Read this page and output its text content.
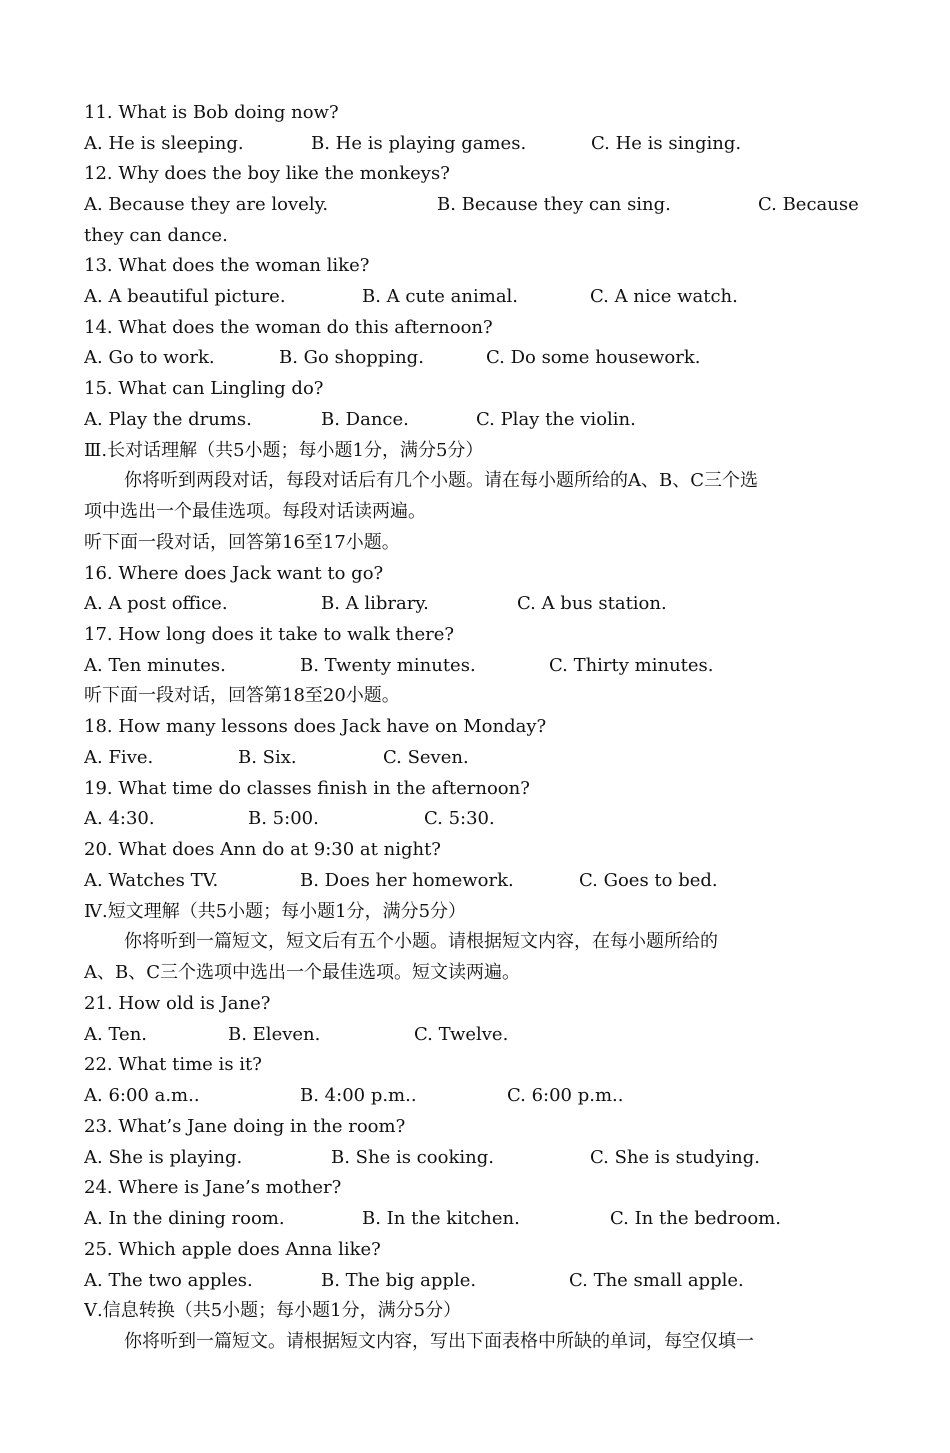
11. What is Bob doing now?

A. He is sleeping.

	B. He is playing games.

	C. He is singing.

12. Why does the boy like the monkeys?

A. Because they are lovely.

	B. Because they can sing.

	C. Because

they can dance.
13. What does the woman like?

A. A beautiful picture.

	B. A cute animal.

	C. A nice watch.

14. What does the woman do this afternoon?

A. Go to work.

	B. Go shopping.

	C. Do some housework.

15. What can Lingling do?

A. Play the drums.

	B. Dance.

	C. Play the violin.

Ⅲ.长对话理解（共5小题；每小题1分，满分5分）
你将听到两段对话，每段对话后有几个小题。请在每小题所给的A、B、C三个选
项中选出一个最佳选项。每段对话读两遍。
听下面一段对话，回答第16至17小题。
16. Where does Jack want to go?

A. A post office.

	B. A library.

	C. A bus station.

17. How long does it take to walk there?

A. Ten minutes.

	B. Twenty minutes.

	C. Thirty minutes.

听下面一段对话，回答第18至20小题。
18. How many lessons does Jack have on Monday?

A. Five.

	B. Six.

	C. Seven.

19. What time do classes finish in the afternoon?

A. 4:30.

	B. 5:00.

	C. 5:30.

20. What does Ann do at 9:30 at night?

A. Watches TV.

	B. Does her homework.

	C. Goes to bed.

Ⅳ.短文理解（共5小题；每小题1分，满分5分）
你将听到一篇短文，短文后有五个小题。请根据短文内容，在每小题所给的
A、B、C三个选项中选出一个最佳选项。短文读两遍。
21. How old is Jane?

A. Ten.

	B. Eleven.

	C. Twelve.

22. What time is it?

A. 6:00 a.m..

	B. 4:00 p.m..

	C. 6:00 p.m..

23. What’s Jane doing in the room?

A. She is playing.

	B. She is cooking.

	C. She is studying.

24. Where is Jane’s mother?

A. In the dining room.

	B. In the kitchen.

	C. In the bedroom.

25. Which apple does Anna like?

A. The two apples.

	B. The big apple.

	C. The small apple.

Ⅴ.信息转换（共5小题；每小题1分，满分5分）
你将听到一篇短文。请根据短文内容，写出下面表格中所缺的单词，每空仅填一
